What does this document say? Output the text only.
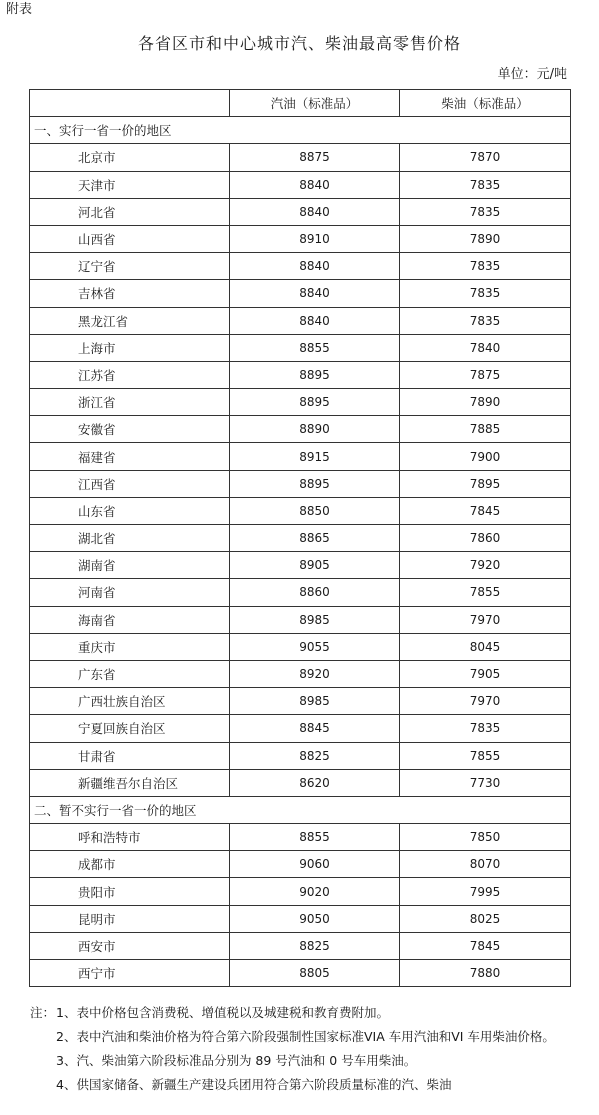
附表
各省区市和中心城市汽、柴油最高零售价格
单位：元/吨
	汽油（标准品）	柴油（标准品）
一、实行一省一价的地区		
北京市	8875	7870
天津市	8840	7835
河北省	8840	7835
山西省	8910	7890
辽宁省	8840	7835
吉林省	8840	7835
黑龙江省	8840	7835
上海市	8855	7840
江苏省	8895	7875
浙江省	8895	7890
安徽省	8890	7885
福建省	8915	7900
江西省	8895	7895
山东省	8850	7845
湖北省	8865	7860
湖南省	8905	7920
河南省	8860	7855
海南省	8985	7970
重庆市	9055	8045
广东省	8920	7905
广西壮族自治区	8985	7970
宁夏回族自治区	8845	7835
甘肃省	8825	7855
新疆维吾尔自治区	8620	7730
二、暂不实行一省一价的地区		
呼和浩特市	8855	7850
成都市	9060	8070
贵阳市	9020	7995
昆明市	9050	8025
西安市	8825	7845
西宁市	8805	7880
注： 1、表中价格包含消费税、增值税以及城建税和教育费附加。
2、表中汽油和柴油价格为符合第六阶段强制性国家标准VIA 车用汽油和VI 车用柴油价格。
3、汽、柴油第六阶段标准品分别为 89 号汽油和 0 号车用柴油。
4、供国家储备、新疆生产建设兵团用符合第六阶段质量标准的汽、柴油
